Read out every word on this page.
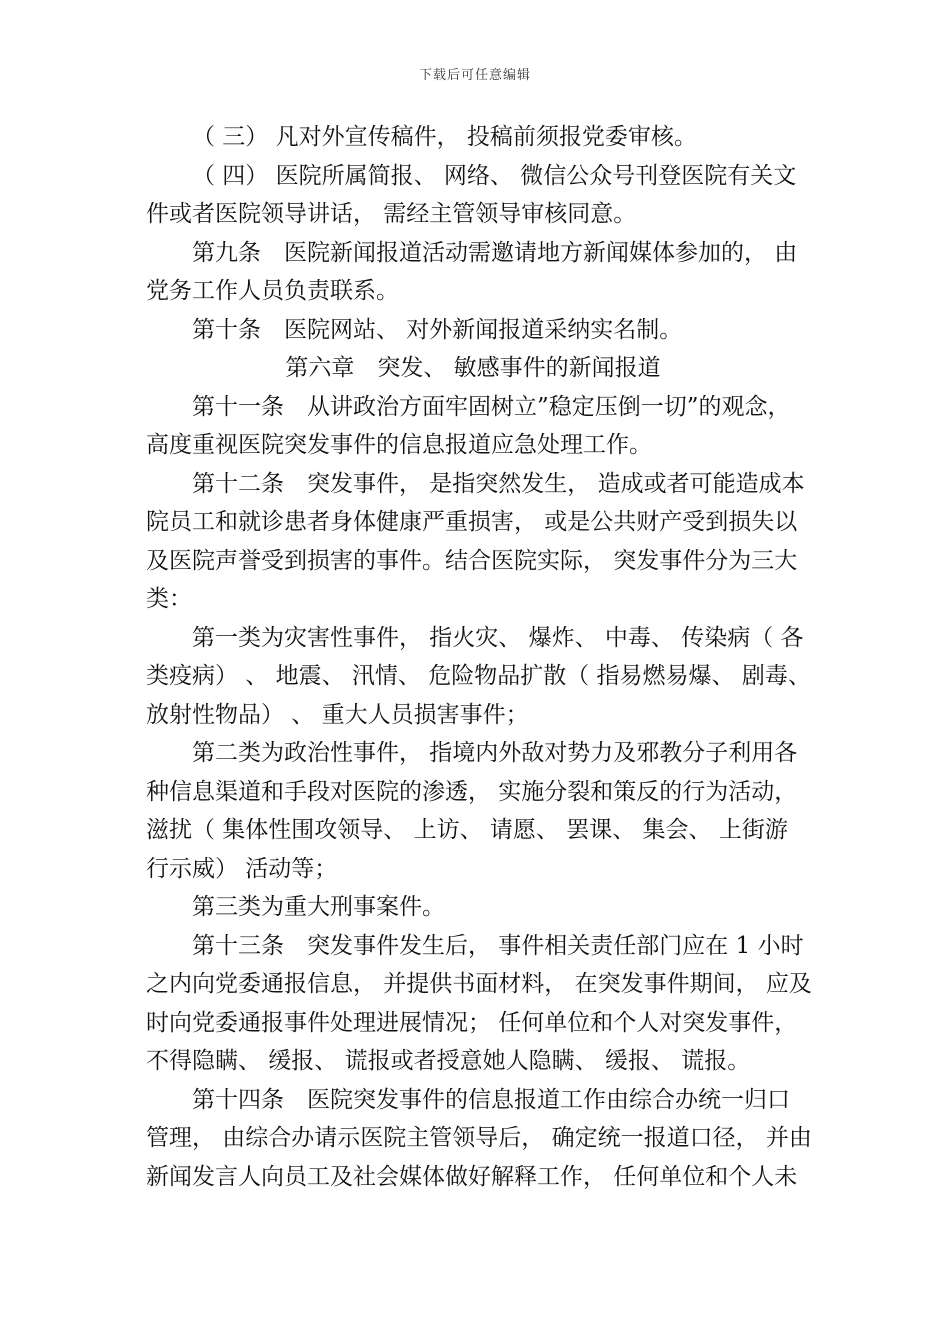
下载后可任意编辑
（ 三） 凡对外宣传稿件， 投稿前须报党委审核。
（ 四） 医院所属简报、 网络、 微信公众号刊登医院有关文
件或者医院领导讲话， 需经主管领导审核同意。
第九条　医院新闻报道活动需邀请地方新闻媒体参加的， 由
党务工作人员负责联系。
第十条　医院网站、 对外新闻报道采纳实名制。
第六章　突发、 敏感事件的新闻报道
第十一条　从讲政治方面牢固树立”稳定压倒一切”的观念，
高度重视医院突发事件的信息报道应急处理工作。
第十二条　突发事件， 是指突然发生， 造成或者可能造成本
院员工和就诊患者身体健康严重损害， 或是公共财产受到损失以
及医院声誉受到损害的事件。结合医院实际， 突发事件分为三大
类：
第一类为灾害性事件， 指火灾、 爆炸、 中毒、 传染病（ 各
类疫病） 、 地震、 汛情、 危险物品扩散（ 指易燃易爆、 剧毒、
放射性物品） 、 重大人员损害事件；
第二类为政治性事件， 指境内外敌对势力及邪教分子利用各
种信息渠道和手段对医院的渗透， 实施分裂和策反的行为活动，
滋扰（ 集体性围攻领导、 上访、 请愿、 罢课、 集会、 上街游
行示威） 活动等；
第三类为重大刑事案件。
第十三条　突发事件发生后， 事件相关责任部门应在 1 小时
之内向党委通报信息， 并提供书面材料， 在突发事件期间， 应及
时向党委通报事件处理进展情况； 任何单位和个人对突发事件，
不得隐瞒、 缓报、 谎报或者授意她人隐瞒、 缓报、 谎报。
第十四条　医院突发事件的信息报道工作由综合办统一归口
管理， 由综合办请示医院主管领导后， 确定统一报道口径， 并由
新闻发言人向员工及社会媒体做好解释工作， 任何单位和个人未
